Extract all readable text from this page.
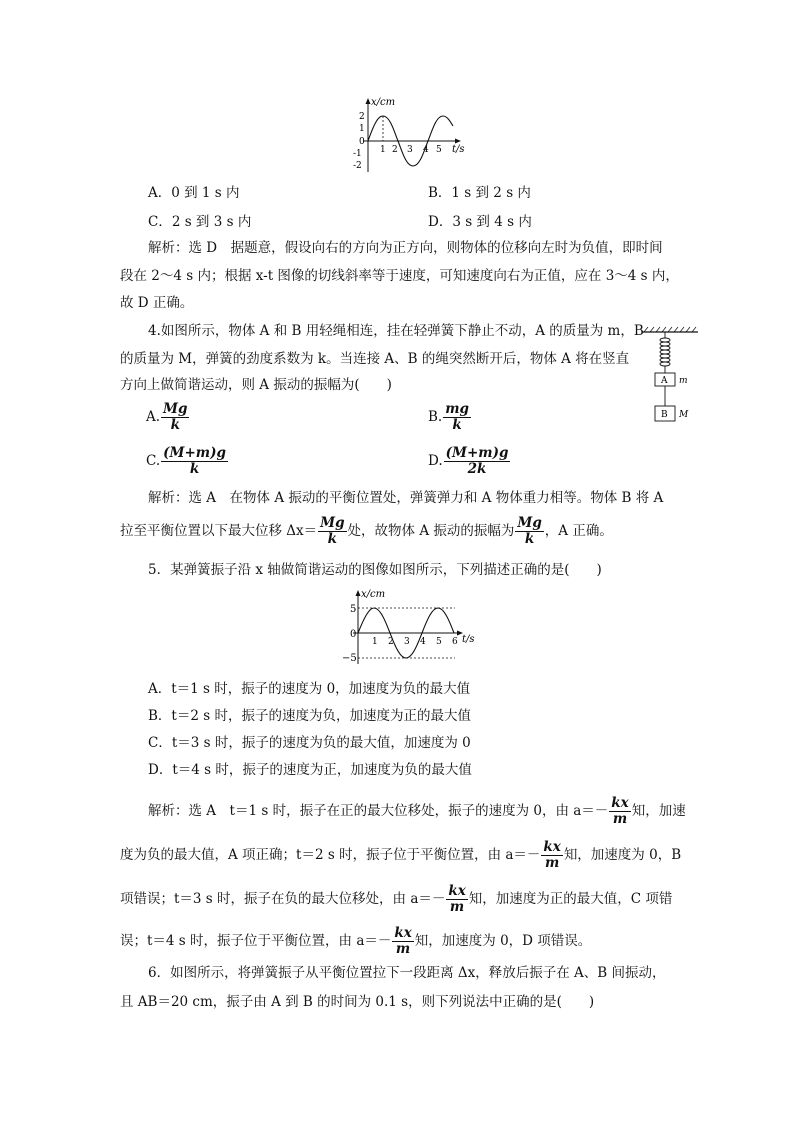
x/cm
t/s
2
1
0
-1
-2
1 2 3 4 5
A．0 到 1 s 内	B．1 s 到 2 s 内
C．2 s 到 3 s 内	D．3 s 到 4 s 内
解析：选 D　据题意，假设向右的方向为正方向，则物体的位移向左时为负值，即时间
段在 2～4 s 内；根据 x-t 图像的切线斜率等于速度，可知速度向右为正值，应在 3～4 s 内，
故 D 正确。
4.如图所示，物体 A 和 B 用轻绳相连，挂在轻弹簧下静止不动，A 的质量为 m，B
的质量为 M，弹簧的劲度系数为 k。当连接 A、B 的绳突然断开后，物体 A 将在竖直
方向上做简谐运动，则 A 振动的振幅为(　　)	A m
B M
A. $\frac{Mg}{k}$	B. $\frac{mg}{k}$
C. $\frac{(M+m)g}{k}$	D. $\frac{(M+m)g}{2k}$
解析：选 A　在物体 A 振动的平衡位置处，弹簧弹力和 A 物体重力相等。物体 B 将 A
拉至平衡位置以下最大位移 $\Delta x= \frac{Mg}{k}$ 处，故物体 A 振动的振幅为 $\frac{Mg}{k}$ ，A 正确。
5．某弹簧振子沿 x 轴做简谐运动的图像如图所示，下列描述正确的是(　　)
x/cm
t/s
5
0
−5
1 2 3 4 5 6
A．t＝1 s 时，振子的速度为 0，加速度为负的最大值
B．t＝2 s 时，振子的速度为负，加速度为正的最大值
C．t＝3 s 时，振子的速度为负的最大值，加速度为 0
D．t＝4 s 时，振子的速度为正，加速度为负的最大值
解析：选 A　t＝1 s 时，振子在正的最大位移处，振子的速度为 0，由 $a=- \frac{kx}{m}$ 知，加速
度为负的最大值，A 项正确；t＝2 s 时，振子位于平衡位置，由 $a=- \frac{kx}{m}$ 知，加速度为 0，B
项错误；t＝3 s 时，振子在负的最大位移处，由 $a=- \frac{kx}{m}$ 知，加速度为正的最大值，C 项错
误；t＝4 s 时，振子位于平衡位置，由 $a=- \frac{kx}{m}$ 知，加速度为 0，D 项错误。
6．如图所示，将弹簧振子从平衡位置拉下一段距离 Δx，释放后振子在 A、B 间振动，
且 AB＝20 cm，振子由 A 到 B 的时间为 0.1 s，则下列说法中正确的是(　　)
